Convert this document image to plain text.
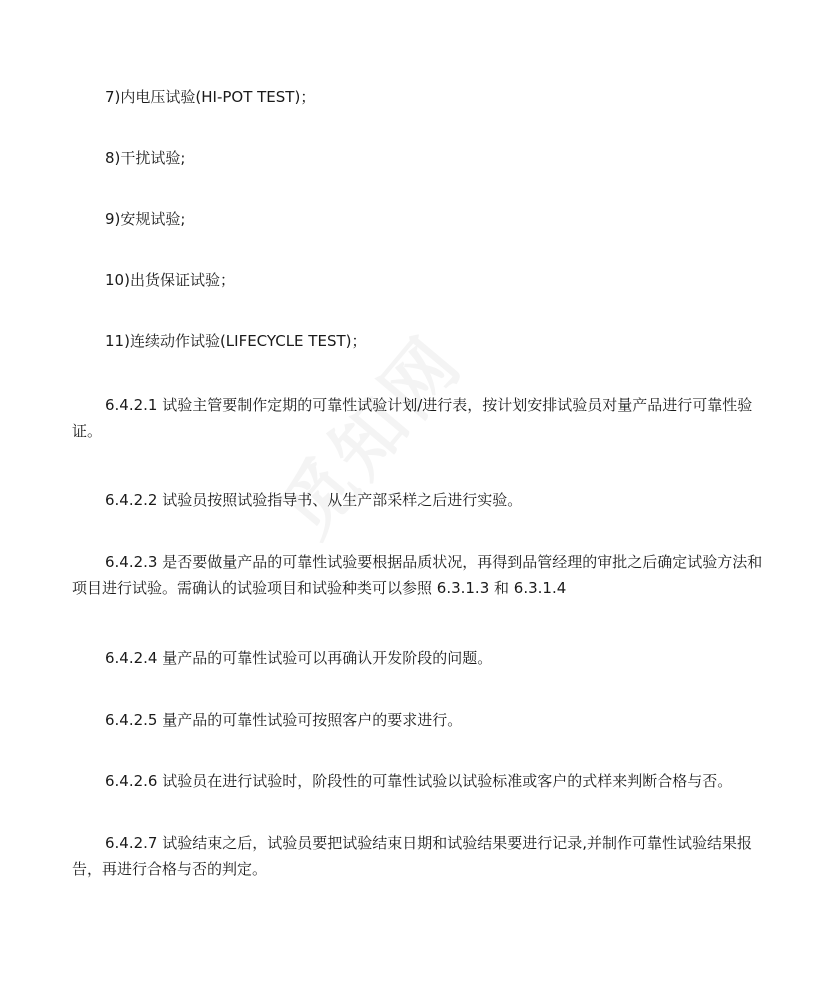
7)内电压试验(HI-POT TEST)；

8)干扰试验;

9)安规试验;

10)出货保证试验；

11)连续动作试验(LIFECYCLE TEST)；

6.4.2.1 试验主管要制作定期的可靠性试验计划/进行表，按计划安排试验员对量产品进行可靠性验证。

6.4.2.2 试验员按照试验指导书、从生产部采样之后进行实验。

6.4.2.3 是否要做量产品的可靠性试验要根据品质状况，再得到品管经理的审批之后确定试验方法和项目进行试验。需确认的试验项目和试验种类可以参照 6.3.1.3 和 6.3.1.4

6.4.2.4 量产品的可靠性试验可以再确认开发阶段的问题。

6.4.2.5 量产品的可靠性试验可按照客户的要求进行。

6.4.2.6 试验员在进行试验时，阶段性的可靠性试验以试验标准或客户的式样来判断合格与否。

6.4.2.7 试验结束之后，试验员要把试验结束日期和试验结果要进行记录,并制作可靠性试验结果报告，再进行合格与否的判定。
